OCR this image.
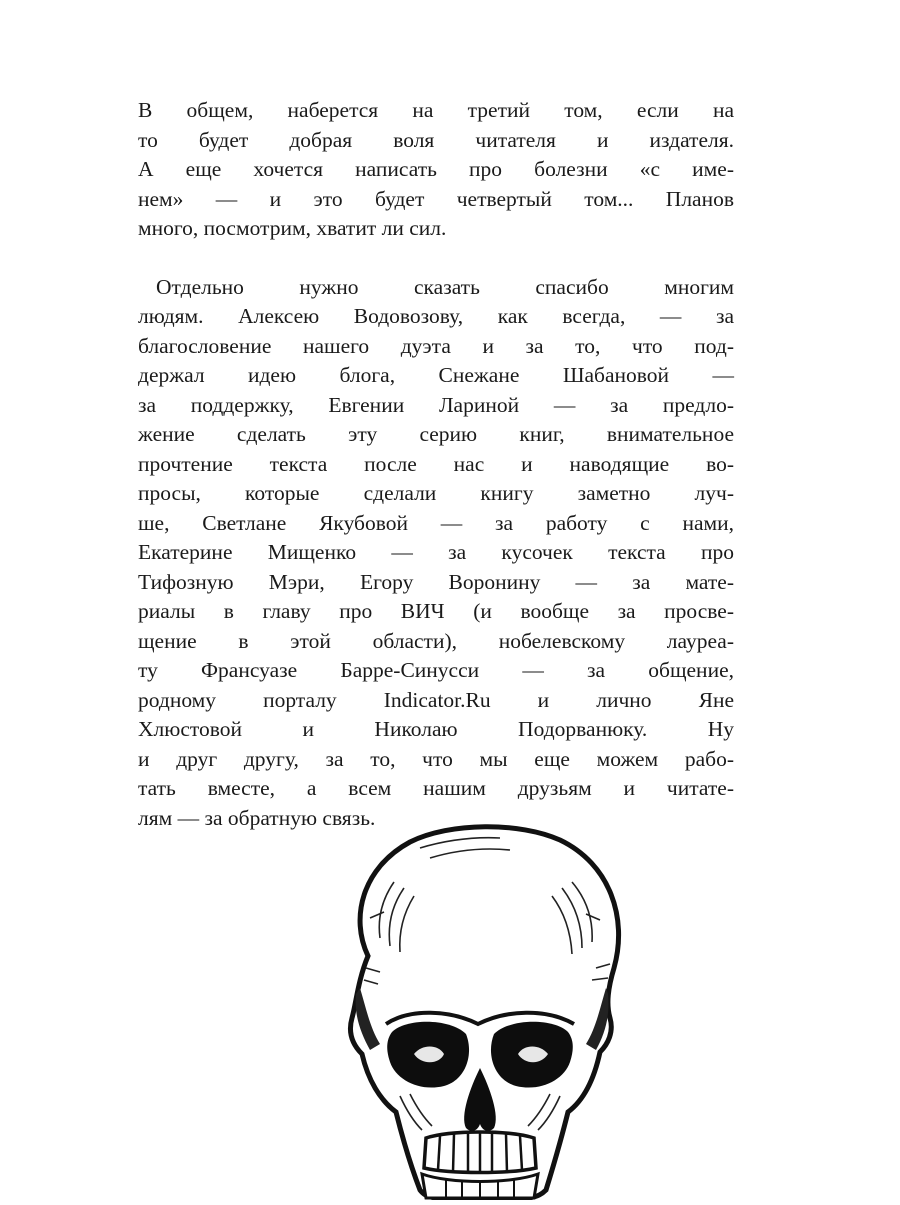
В общем, наберется на третий том, если на
то будет добрая воля читателя и издателя.
А еще хочется написать про болезни «с име-
нем» — и это будет четвертый том... Планов
много, посмотрим, хватит ли сил.

Отдельно нужно сказать спасибо многим
людям. Алексею Водовозову, как всегда, — за
благословение нашего дуэта и за то, что под-
держал идею блога, Снежане Шабановой —
за поддержку, Евгении Лариной — за предло-
жение сделать эту серию книг, внимательное
прочтение текста после нас и наводящие во-
просы, которые сделали книгу заметно луч-
ше, Светлане Якубовой — за работу с нами,
Екатерине Мищенко — за кусочек текста про
Тифозную Мэри, Егору Воронину — за мате-
риалы в главу про ВИЧ (и вообще за просве-
щение в этой области), нобелевскому лауреа-
ту Франсуазе Барре-Синусси — за общение,
родному порталу Indicator.Ru и лично Яне
Хлюстовой и Николаю Подорванюку. Ну
и друг другу, за то, что мы еще можем рабо-
тать вместе, а всем нашим друзьям и читате-
лям — за обратную связь.
